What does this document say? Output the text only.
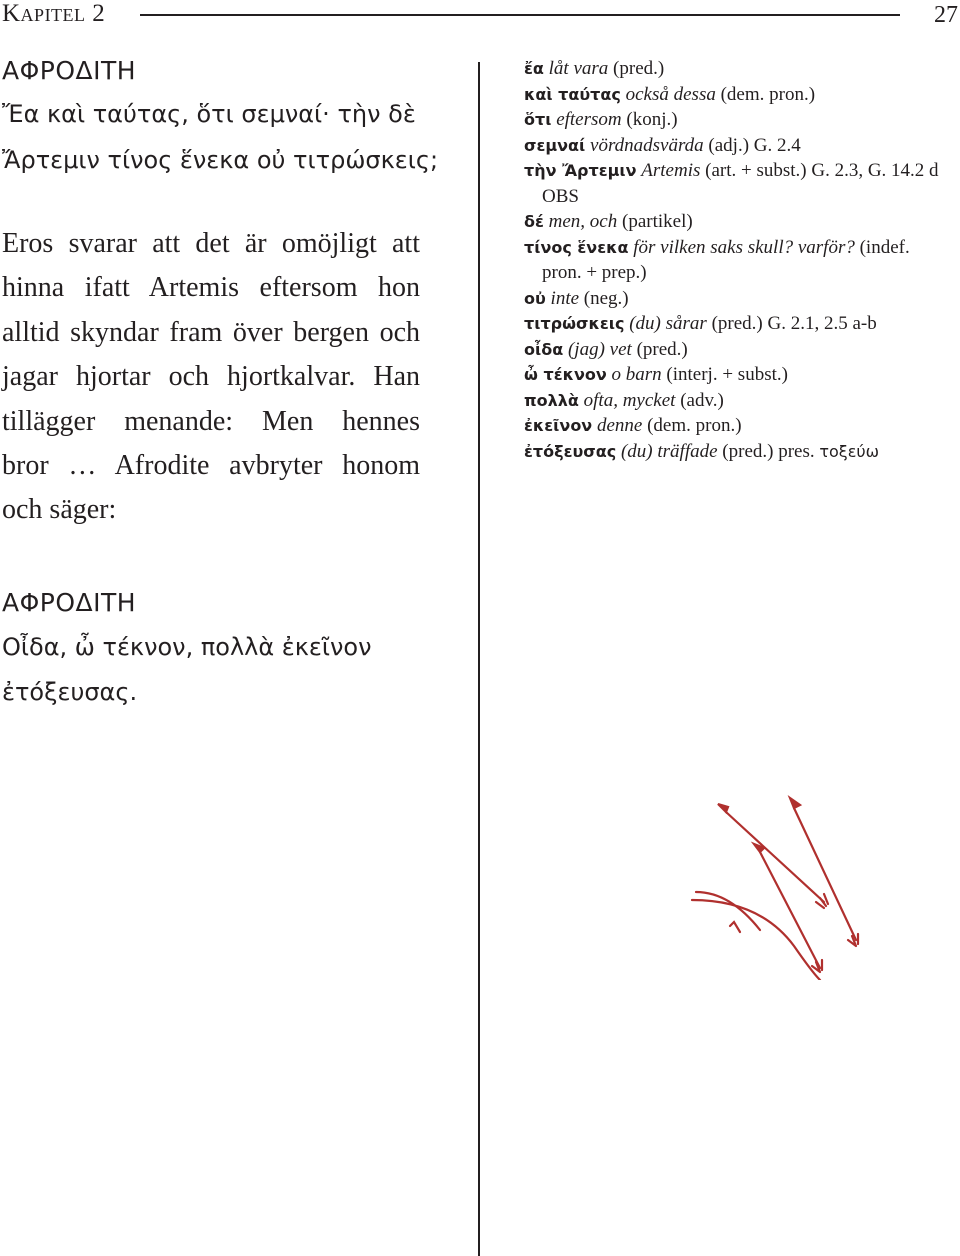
Kapitel 2	27
ΑΦΡΟΔΙΤΗ
Ἔα καὶ ταύτας, ὅτι σεμναί· τὴν δὲ
Ἄρτεμιν τίνος ἕνεκα οὐ τιτρώσκεις;
Eros svarar att det är omöjligt att
hinna ifatt Artemis eftersom hon
alltid skyndar fram över bergen och
jagar hjortar och hjortkalvar. Han
tillägger menande: Men hennes
bror … Afrodite avbryter honom
och säger:
ΑΦΡΟΔΙΤΗ
Οἶδα, ὦ τέκνον, πολλὰ ἐκεῖνον
ἐτόξευσας.

ἔα låt vara (pred.)

καὶ ταύτας också dessa (dem. pron.)

ὅτι eftersom (konj.)

σεμναί vördnadsvärda (adj.) G. 2.4

τὴν Ἄρτεμιν Artemis (art. + subst.) G. 2.3, G. 14.2 d OBS

δέ men, och (partikel)

τίνος ἕνεκα för vilken saks skull? varför? (indef. pron. + prep.)

οὐ inte (neg.)

τιτρώσκεις (du) sårar (pred.) G. 2.1, 2.5 a-b

οἶδα (jag) vet (pred.)

ὦ τέκνον o barn (interj. + subst.)

πολλὰ ofta, mycket (adv.)

ἐκεῖνον denne (dem. pron.)

ἐτόξευσας (du) träffade (pred.) pres. τοξεύω
